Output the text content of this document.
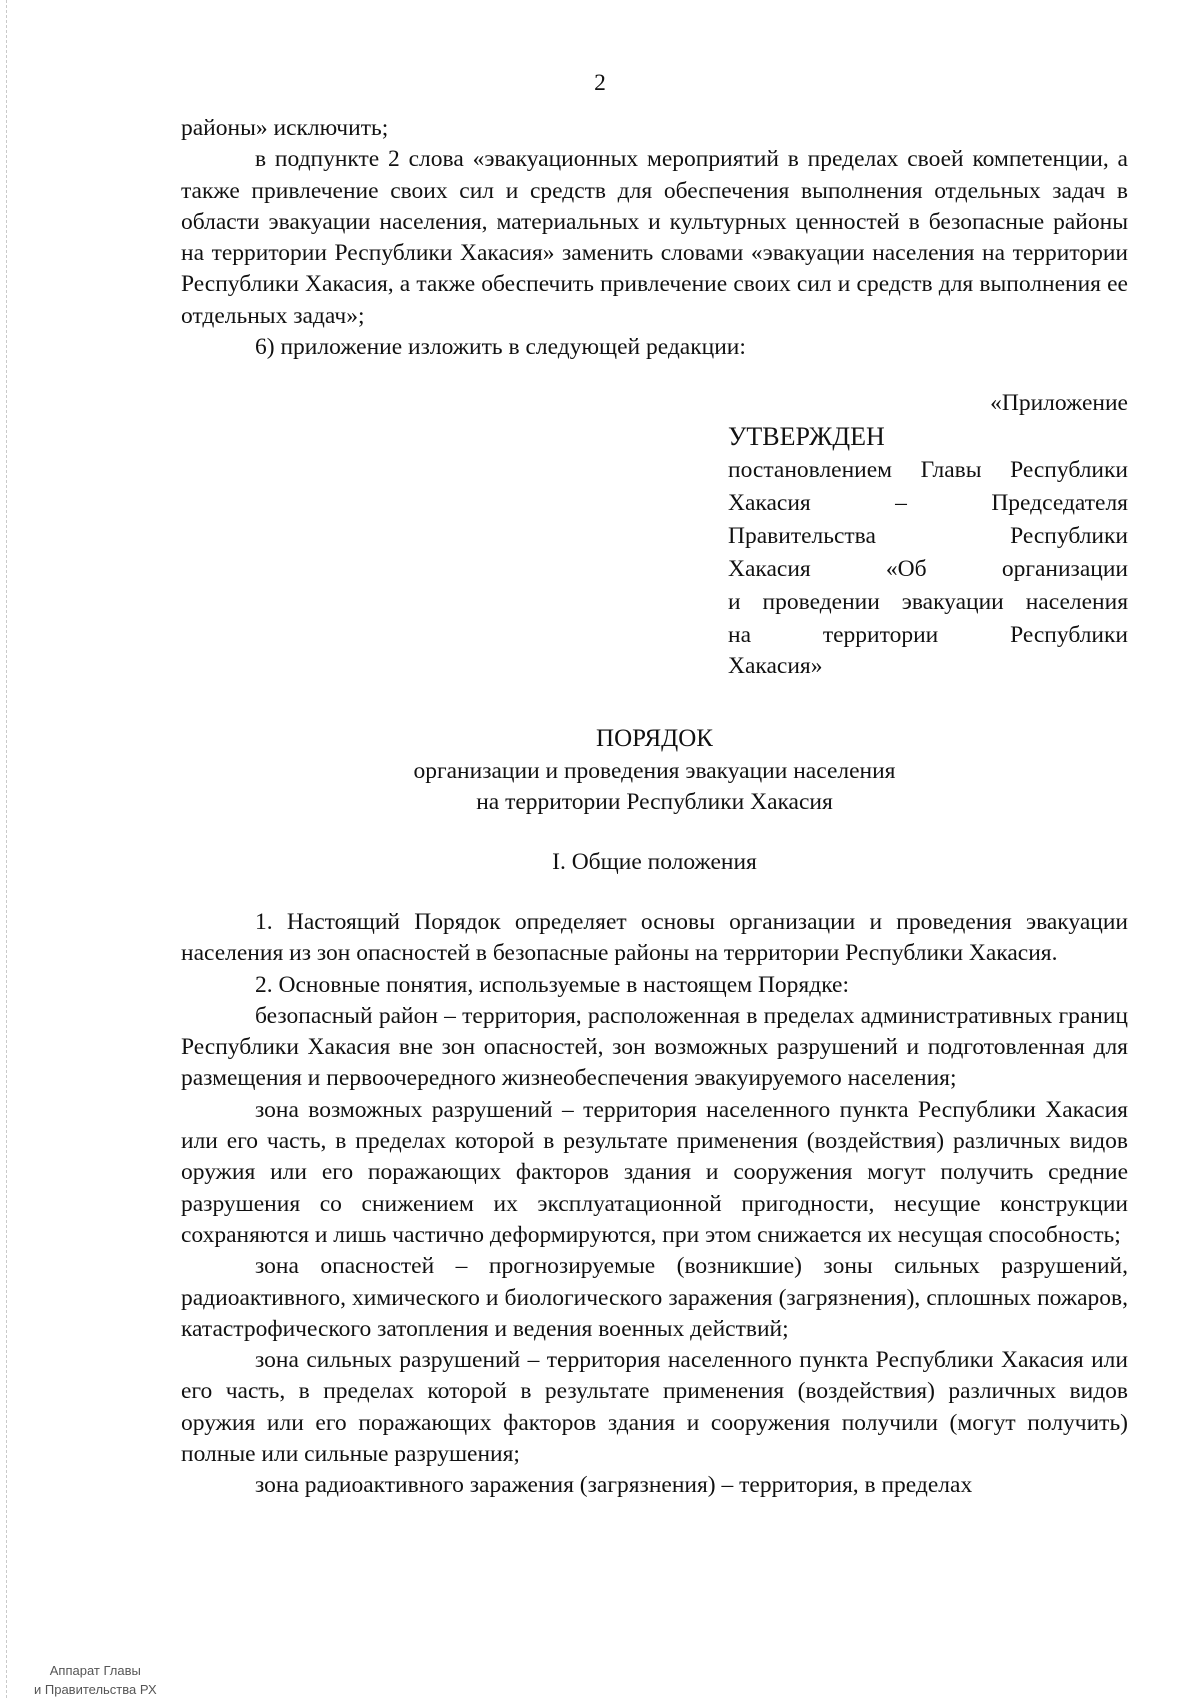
2

районы» исключить;

в подпункте 2 слова «эвакуационных мероприятий в пределах своей компетенции, а также привлечение своих сил и средств для обеспечения выполнения отдельных задач в области эвакуации населения, материальных и культурных ценностей в безопасные районы на территории Республики Хакасия» заменить словами «эвакуации населения на территории Республики Хакасия, а также обеспечить привлечение своих сил и средств для выполнения ее отдельных задач»;

6) приложение изложить в следующей редакции:

«Приложение
УТВЕРЖДЕН
постановлением Главы Республики
Хакасия – Председателя
Правительства Республики
Хакасия «Об организации
и проведении эвакуации населения
на территории Республики
Хакасия»
ПОРЯДОК
организации и проведения эвакуации населения
на территории Республики Хакасия
I. Общие положения

1. Настоящий Порядок определяет основы организации и проведения эвакуации населения из зон опасностей в безопасные районы на территории Республики Хакасия.

2. Основные понятия, используемые в настоящем Порядке:

безопасный район – территория, расположенная в пределах административных границ Республики Хакасия вне зон опасностей, зон возможных разрушений и подготовленная для размещения и первоочередного жизнеобеспечения эвакуируемого населения;

зона возможных разрушений – территория населенного пункта Республики Хакасия или его часть, в пределах которой в результате применения (воздействия) различных видов оружия или его поражающих факторов здания и сооружения могут получить средние разрушения со снижением их эксплуатационной пригодности, несущие конструкции сохраняются и лишь частично деформируются, при этом снижается их несущая способность;

зона опасностей – прогнозируемые (возникшие) зоны сильных разрушений, радиоактивного, химического и биологического заражения (загрязнения), сплошных пожаров, катастрофического затопления и ведения военных действий;

зона сильных разрушений – территория населенного пункта Республики Хакасия или его часть, в пределах которой в результате применения (воздействия) различных видов оружия или его поражающих факторов здания и сооружения получили (могут получить) полные или сильные разрушения;

зона радиоактивного заражения (загрязнения) – территория, в пределах

Аппарат Главы
и Правительства РХ
